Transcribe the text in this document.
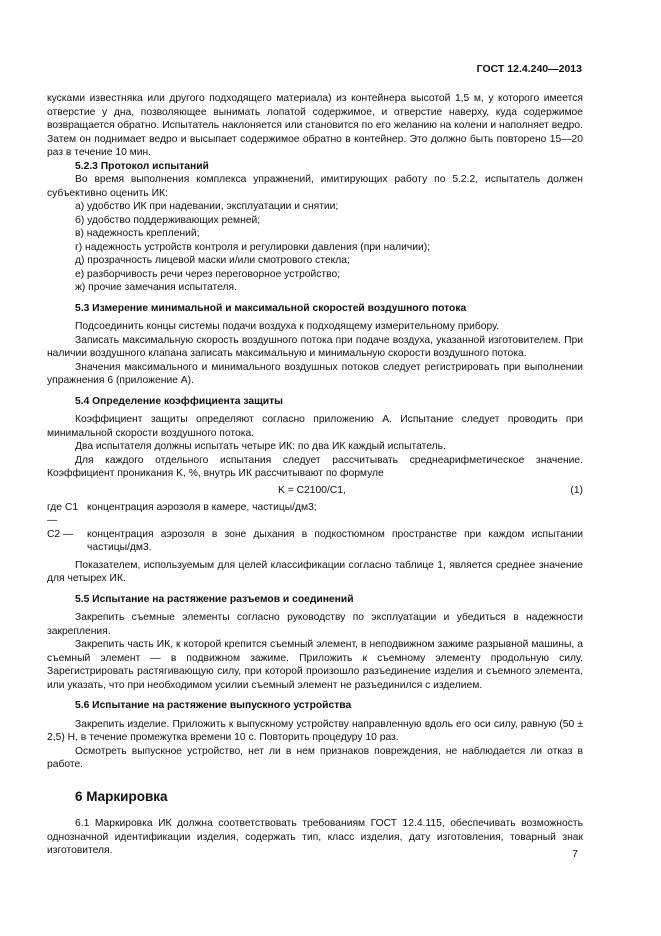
ГОСТ 12.4.240—2013

кусками известняка или другого подходящего материала) из контейнера высотой 1,5 м, у которого имеется отверстие у дна, позволяющее вынимать лопатой содержимое, и отверстие наверху, куда содержимое возвращается обратно. Испытатель наклоняется или становится по его желанию на колени и наполняет ведро. Затем он поднимает ведро и высыпает содержимое обратно в контейнер. Это должно быть повторено 15—20 раз в течение 10 мин.

5.2.3 Протокол испытаний

Во время выполнения комплекса упражнений, имитирующих работу по 5.2.2, испытатель должен субъективно оценить ИК:

а) удобство ИК при надевании, эксплуатации и снятии;

б) удобство поддерживающих ремней;

в) надежность креплений;

г) надежность устройств контроля и регулировки давления (при наличии);

д) прозрачность лицевой маски и/или смотрового стекла;

е) разборчивость речи через переговорное устройство;

ж) прочие замечания испытателя.

5.3 Измерение минимальной и максимальной скоростей воздушного потока

Подсоединить концы системы подачи воздуха к подходящему измерительному прибору.

Записать максимальную скорость воздушного потока при подаче воздуха, указанной изготовителем. При наличии воздушного клапана записать максимальную и минимальную скорости воздушного потока.

Значения максимального и минимального воздушных потоков следует регистрировать при выполнении упражнения 6 (приложение А).

5.4 Определение коэффициента защиты

Коэффициент защиты определяют согласно приложению А. Испытание следует проводить при минимальной скорости воздушного потока.

Два испытателя должны испытать четыре ИК: по два ИК каждый испытатель.

Для каждого отдельного испытания следует рассчитывать среднеарифметическое значение. Коэффициент проникания K, %, внутрь ИК рассчитывают по формуле

K = C2100/C1,	(1)
где C1 —
концентрация аэрозоля в камере, частицы/дм3;
C2 —	концентрация аэрозоля в зоне дыхания в подкостюмном пространстве при каждом испытании частицы/дм3.

Показателем, используемым для целей классификации согласно таблице 1, является среднее значение для четырех ИК.

5.5 Испытание на растяжение разъемов и соединений

Закрепить съемные элементы согласно руководству по эксплуатации и убедиться в надежности закрепления.

Закрепить часть ИК, к которой крепится съемный элемент, в неподвижном зажиме разрывной машины, а съемный элемент — в подвижном зажиме. Приложить к съемному элементу продольную силу. Зарегистрировать растягивающую силу, при которой произошло разъединение изделия и съемного элемента, или указать, что при необходимом усилии съемный элемент не разъединился с изделием.

5.6 Испытание на растяжение выпускного устройства

Закрепить изделие. Приложить к выпускному устройству направленную вдоль его оси силу, равную (50 ± 2,5) Н, в течение промежутка времени 10 с. Повторить процедуру 10 раз.

Осмотреть выпускное устройство, нет ли в нем признаков повреждения, не наблюдается ли отказ в работе.

6 Маркировка

6.1 Маркировка ИК должна соответствовать требованиям ГОСТ 12.4.115, обеспечивать возможность однозначной идентификации изделия, содержать тип, класс изделия, дату изготовления, товарный знак изготовителя.	7
